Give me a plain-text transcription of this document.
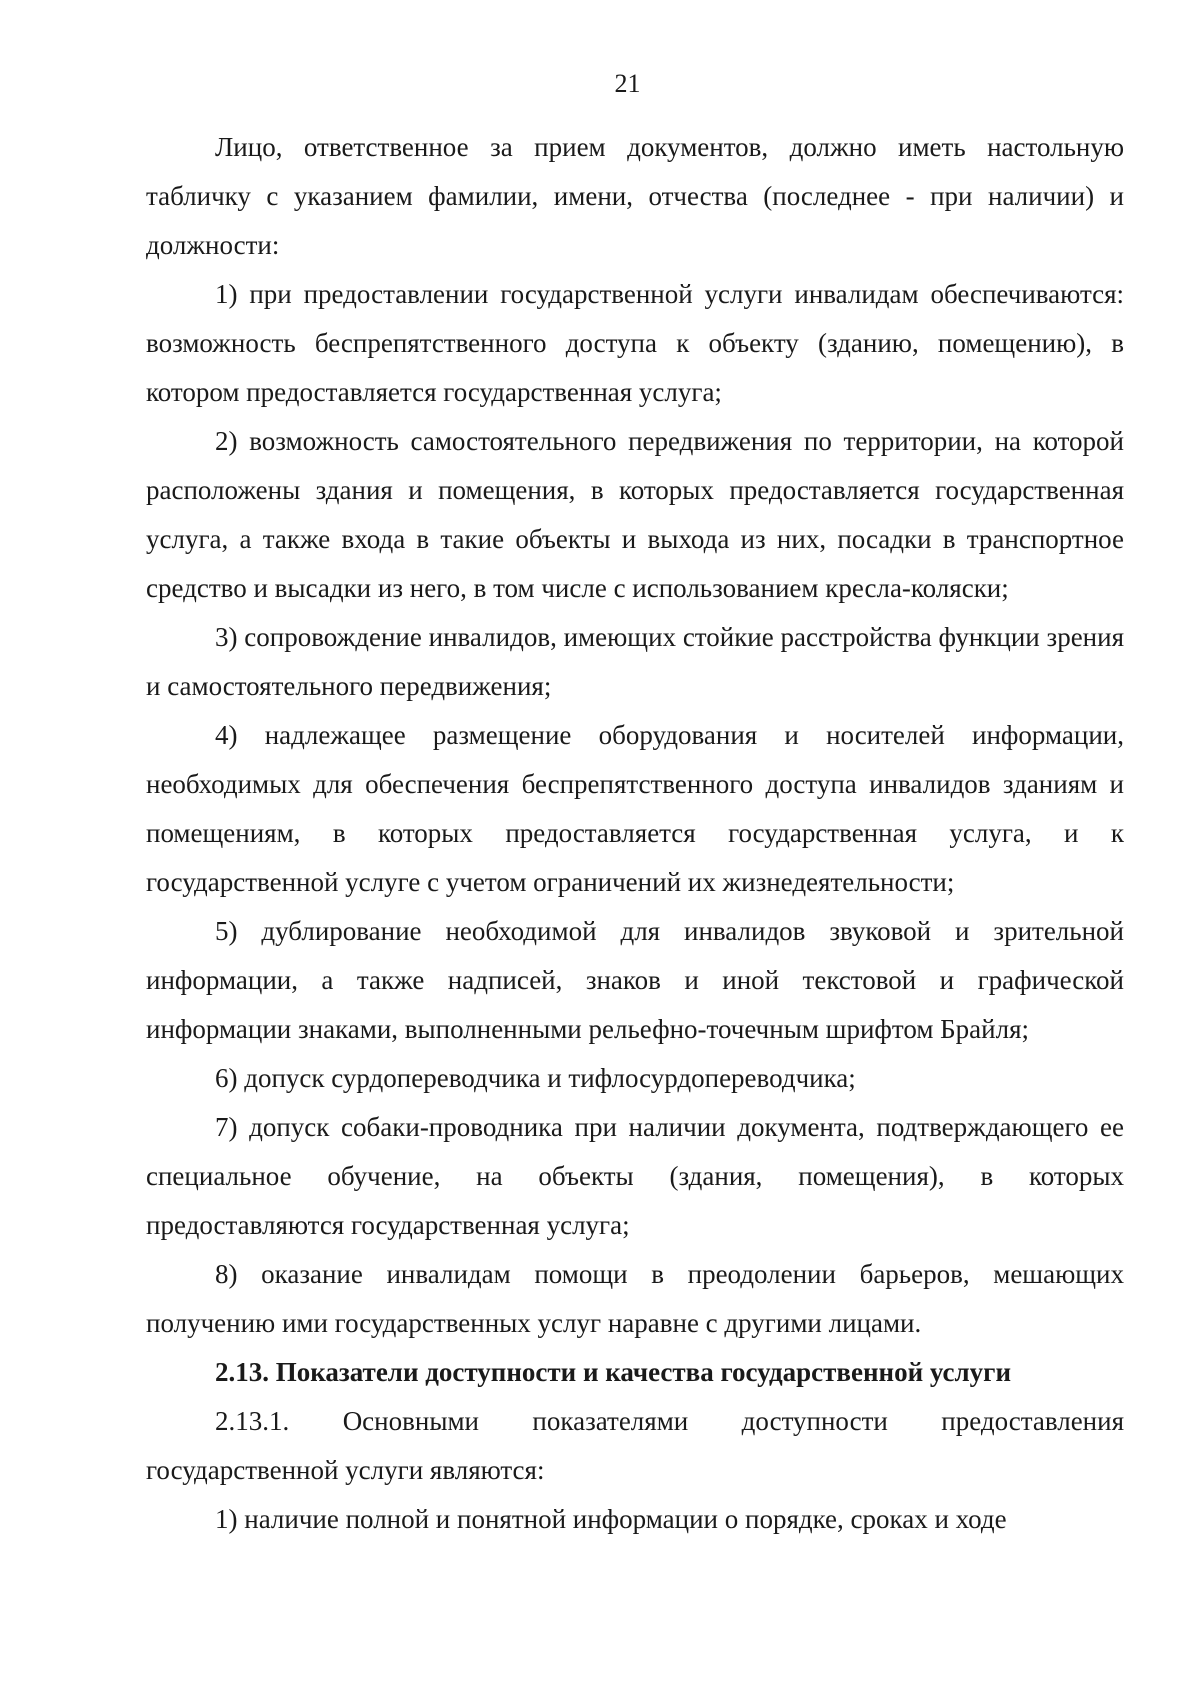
21

Лицо, ответственное за прием документов, должно иметь настольную табличку с указанием фамилии, имени, отчества (последнее - при наличии) и должности:

1) при предоставлении государственной услуги инвалидам обеспечиваются: возможность беспрепятственного доступа к объекту (зданию, помещению), в котором предоставляется государственная услуга;

2) возможность самостоятельного передвижения по территории, на которой расположены здания и помещения, в которых предоставляется государственная услуга, а также входа в такие объекты и выхода из них, посадки в транспортное средство и высадки из него, в том числе с использованием кресла-коляски;

3) сопровождение инвалидов, имеющих стойкие расстройства функции зрения и самостоятельного передвижения;

4) надлежащее размещение оборудования и носителей информации, необходимых для обеспечения беспрепятственного доступа инвалидов зданиям и помещениям, в которых предоставляется государственная услуга, и к государственной услуге с учетом ограничений их жизнедеятельности;

5) дублирование необходимой для инвалидов звуковой и зрительной информации, а также надписей, знаков и иной текстовой и графической информации знаками, выполненными рельефно-точечным шрифтом Брайля;

6) допуск сурдопереводчика и тифлосурдопереводчика;

7) допуск собаки-проводника при наличии документа, подтверждающего ее специальное обучение, на объекты (здания, помещения), в которых предоставляются государственная услуга;

8) оказание инвалидам помощи в преодолении барьеров, мешающих получению ими государственных услуг наравне с другими лицами.

2.13. Показатели доступности и качества государственной услуги

2.13.1. Основными показателями доступности предоставления государственной услуги являются:

1) наличие полной и понятной информации о порядке, сроках и ходе
